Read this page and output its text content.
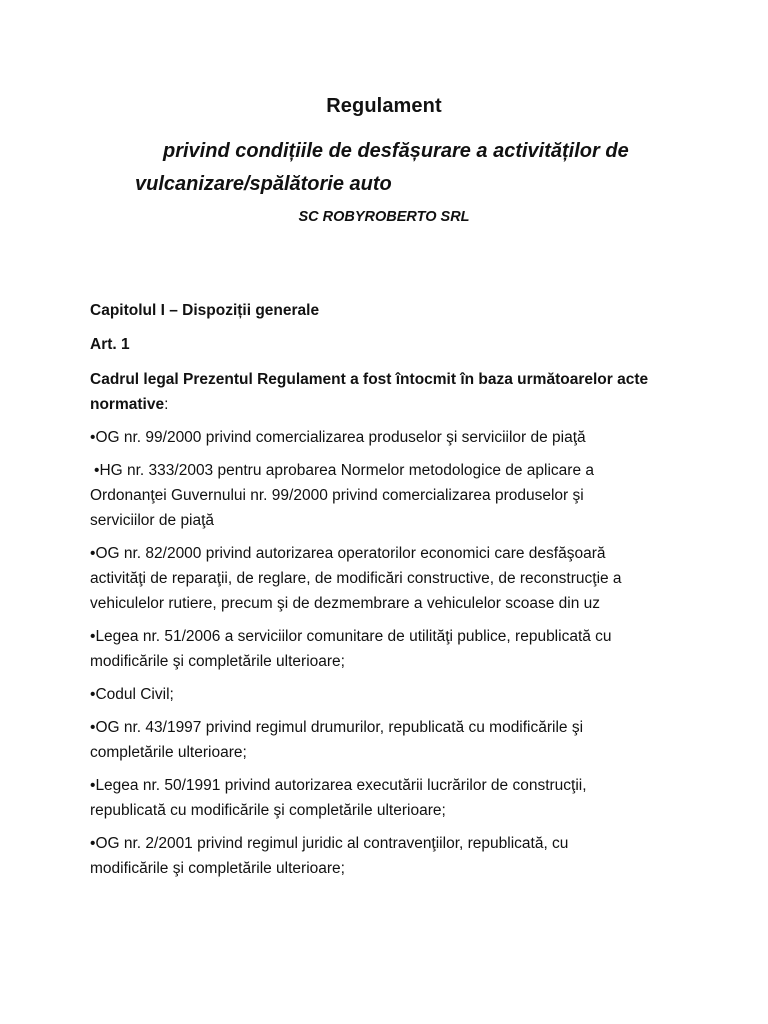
Regulament
privind condițiile de desfășurare a activităților de
vulcanizare/spălătorie auto
SC ROBYROBERTO SRL
Capitolul I – Dispoziții generale
Art. 1
Cadrul legal Prezentul Regulament a fost întocmit în baza următoarelor acte
normative:
•OG nr. 99/2000 privind comercializarea produselor şi serviciilor de piaţă
•HG nr. 333/2003 pentru aprobarea Normelor metodologice de aplicare a
Ordonanţei Guvernului nr. 99/2000 privind comercializarea produselor şi
serviciilor de piaţă
•OG nr. 82/2000 privind autorizarea operatorilor economici care desfăşoară
activităţi de reparaţii, de reglare, de modificări constructive, de reconstrucţie a
vehiculelor rutiere, precum şi de dezmembrare a vehiculelor scoase din uz
•Legea nr. 51/2006 a serviciilor comunitare de utilităţi publice, republicată cu
modificările şi completările ulterioare;
•Codul Civil;
•OG nr. 43/1997 privind regimul drumurilor, republicată cu modificările şi
completările ulterioare;
•Legea nr. 50/1991 privind autorizarea executării lucrărilor de construcţii,
republicată cu modificările şi completările ulterioare;
•OG nr. 2/2001 privind regimul juridic al contravenţiilor, republicată, cu
modificările şi completările ulterioare;
